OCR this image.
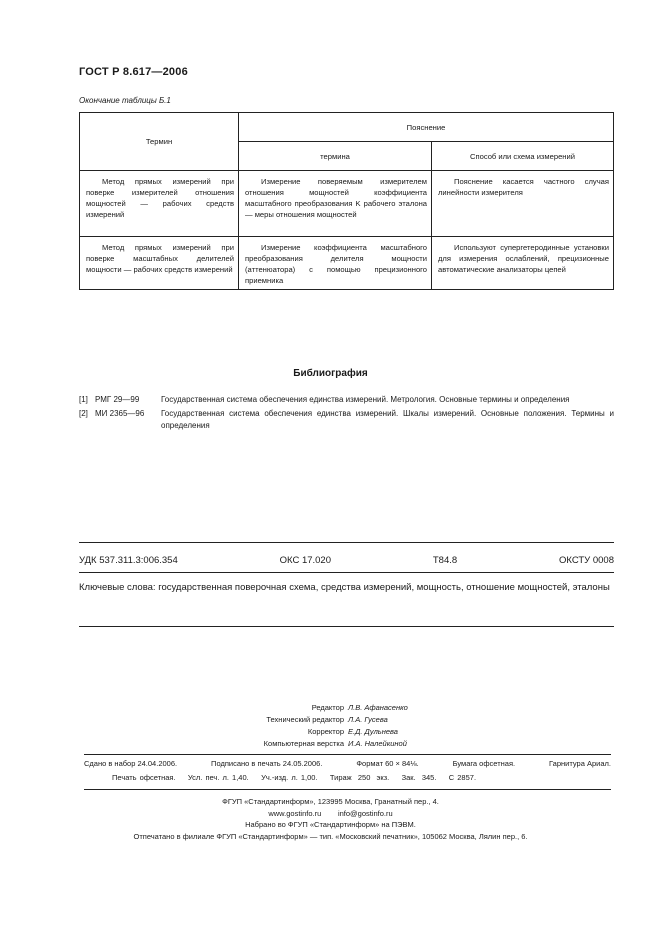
ГОСТ Р 8.617—2006
Окончание таблицы Б.1
Термин	Пояснение	
	термина	Способ или схема измерений

Метод прямых измерений при поверке измерителей отношения мощностей — рабочих средств измерений	Измерение поверяемым измерителем отношения мощностей коэффициента масштабного преобразования K рабочего эталона — меры отношения мощностей	Пояснение касается частного случая линейности измерителя

Метод прямых измерений при поверке масштабных делителей мощности — рабочих средств измерений	Измерение коэффициента масштабного преобразования делителя мощности (аттенюатора) с помощью прецизионного приемника	Используют супергетеродинные установки для измерения ослаблений, прецизионные автоматические анализаторы цепей

Библиография
[1] РМГ 29—99	Государственная система обеспечения единства измерений. Метрология. Основные термины и определения
[2] МИ 2365—96	Государственная система обеспечения единства измерений. Шкалы измерений. Основные положения. Термины и определения
УДК 537.311.3:006.354	ОКС 17.020	Т84.8	ОКСТУ 0008
Ключевые слова: государственная поверочная схема, средства измерений, мощность, отношение мощностей, эталоны
Редактор Л.В. Афанасенко
Технический редактор Л.А. Гусева
Корректор Е.Д. Дульнева
Компьютерная верстка И.А. Налейкиной
Сдано в набор 24.04.2006.	Подписано в печать 24.05.2006.	Формат 60 × 84⅛.	Бумага офсетная.	Гарнитура Ариал.
Печать офсетная.    Усл. печ. л. 1,40.    Уч.-изд. л. 1,00.    Тираж  250  экз.    Зак.  345.    С 2857.
ФГУП «Стандартинформ», 123995 Москва, Гранатный пер., 4.
www.gostinfo.ru        info@gostinfo.ru
Набрано во ФГУП «Стандартинформ» на ПЭВМ.
Отпечатано в филиале ФГУП «Стандартинформ» — тип. «Московский печатник», 105062 Москва, Лялин пер., 6.
